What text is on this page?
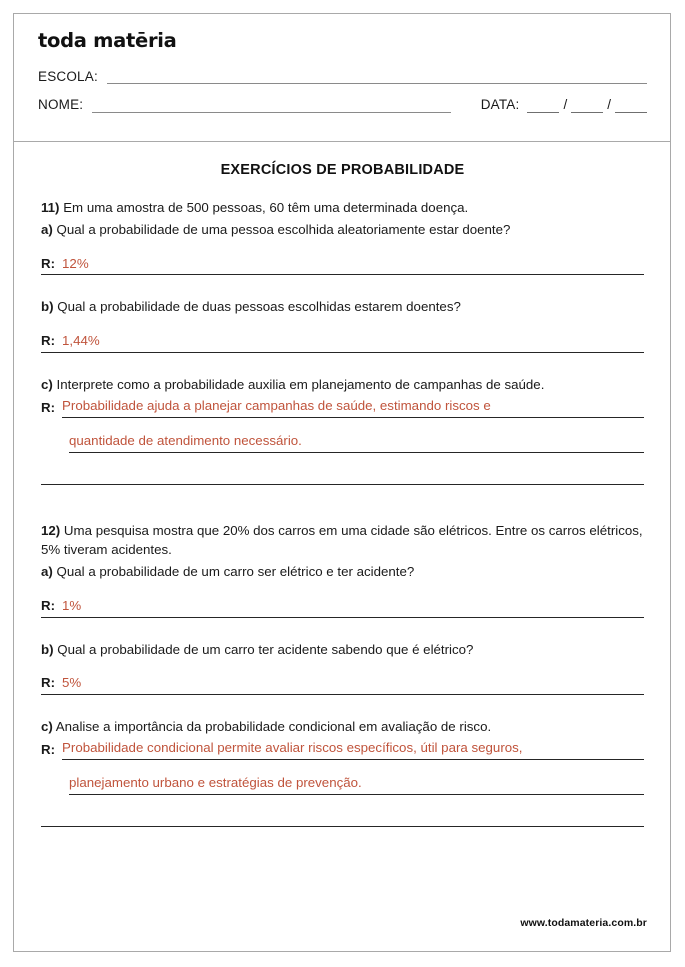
toda matēria
ESCOLA:
NOME:	DATA:	/	/
EXERCÍCIOS DE PROBABILIDADE

11) Em uma amostra de 500 pessoas, 60 têm uma determinada doença.

a) Qual a probabilidade de uma pessoa escolhida aleatoriamente estar doente?

R: 12%

b) Qual a probabilidade de duas pessoas escolhidas estarem doentes?

R: 1,44%

c) Interprete como a probabilidade auxilia em planejamento de campanhas de saúde.

R: Probabilidade ajuda a planejar campanhas de saúde, estimando riscos e
quantidade de atendimento necessário.

12) Uma pesquisa mostra que 20% dos carros em uma cidade são elétricos. Entre os carros elétricos, 5% tiveram acidentes.

a) Qual a probabilidade de um carro ser elétrico e ter acidente?

R: 1%

b) Qual a probabilidade de um carro ter acidente sabendo que é elétrico?

R: 5%

c) Analise a importância da probabilidade condicional em avaliação de risco.

R: Probabilidade condicional permite avaliar riscos específicos, útil para seguros,
planejamento urbano e estratégias de prevenção.
www.todamateria.com.br
